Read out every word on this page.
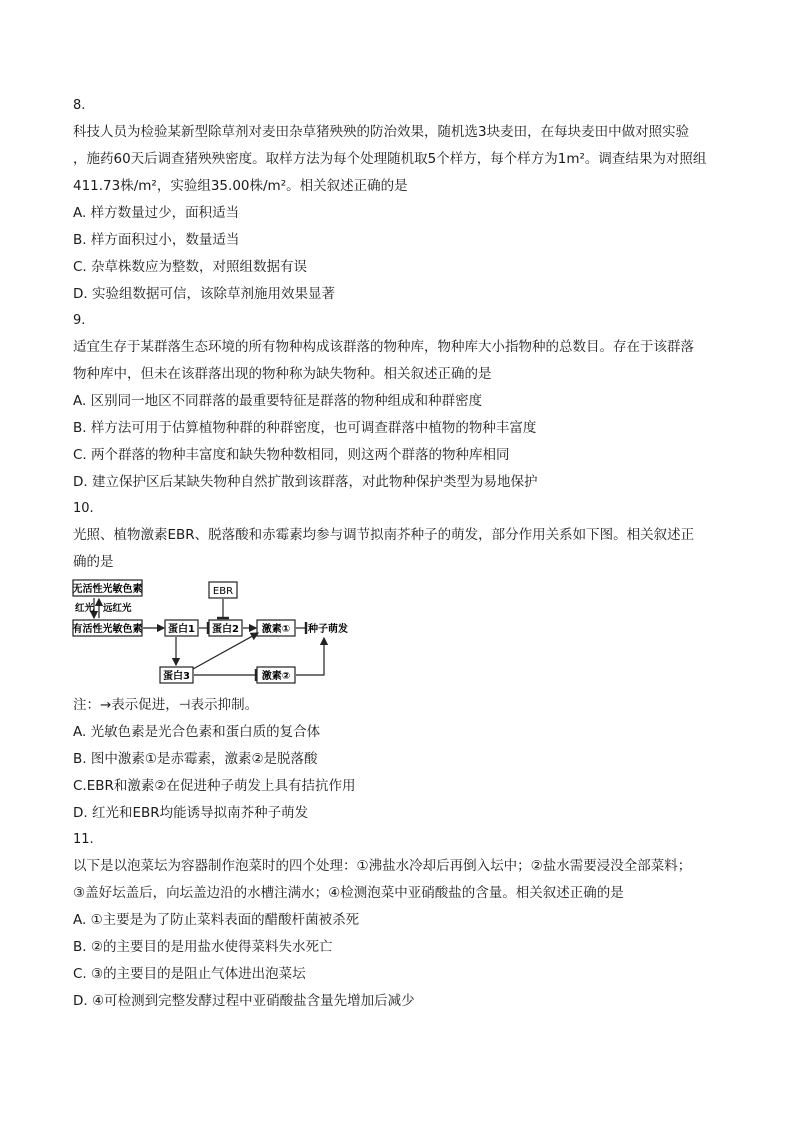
8.
科技人员为检验某新型除草剂对麦田杂草猪殃殃的防治效果，随机选3块麦田，在每块麦田中做对照实验
，施药60天后调查猪殃殃密度。取样方法为每个处理随机取5个样方，每个样方为1m²。调查结果为对照组
411.73株/m²，实验组35.00株/m²。相关叙述正确的是
A. 样方数量过少，面积适当
B. 样方面积过小，数量适当
C. 杂草株数应为整数，对照组数据有误
D. 实验组数据可信，该除草剂施用效果显著
9.
适宜生存于某群落生态环境的所有物种构成该群落的物种库，物种库大小指物种的总数目。存在于该群落
物种库中，但未在该群落出现的物种称为缺失物种。相关叙述正确的是
A. 区别同一地区不同群落的最重要特征是群落的物种组成和种群密度
B. 样方法可用于估算植物种群的种群密度，也可调查群落中植物的物种丰富度
C. 两个群落的物种丰富度和缺失物种数相同，则这两个群落的物种库相同
D. 建立保护区后某缺失物种自然扩散到该群落，对此物种保护类型为易地保护
10.
光照、植物激素EBR、脱落酸和赤霉素均参与调节拟南芥种子的萌发，部分作用关系如下图。相关叙述正
确的是
无活性光敏色素
红光 远红光
有活性光敏色素	蛋白1
EBR
蛋白2 激素① 种子萌发
蛋白3	激素②
注：→表示促进，⊣表示抑制。
A. 光敏色素是光合色素和蛋白质的复合体
B. 图中激素①是赤霉素，激素②是脱落酸
C.EBR和激素②在促进种子萌发上具有拮抗作用
D. 红光和EBR均能诱导拟南芥种子萌发
11.
以下是以泡菜坛为容器制作泡菜时的四个处理：①沸盐水冷却后再倒入坛中；②盐水需要浸没全部菜料；
③盖好坛盖后，向坛盖边沿的水槽注满水；④检测泡菜中亚硝酸盐的含量。相关叙述正确的是
A. ①主要是为了防止菜料表面的醋酸杆菌被杀死
B. ②的主要目的是用盐水使得菜料失水死亡
C. ③的主要目的是阻止气体进出泡菜坛
D. ④可检测到完整发酵过程中亚硝酸盐含量先增加后减少
